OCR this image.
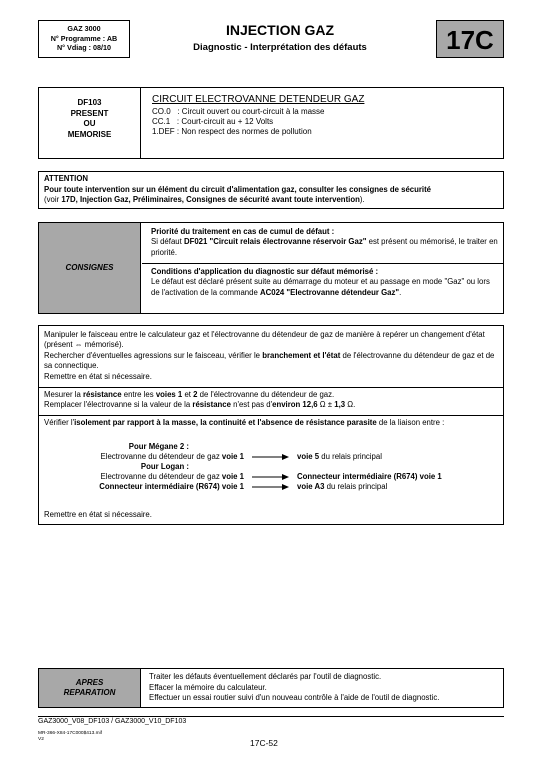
GAZ 3000
N° Programme : AB
N° Vdiag : 08/10
INJECTION GAZ
Diagnostic - Interprétation des défauts	17C
DF103
PRESENT
OU
MEMORISE
CIRCUIT ELECTROVANNE DETENDEUR GAZ
CO.0   : Circuit ouvert ou court-circuit à la masse
CC.1   : Court-circuit au + 12 Volts
1.DEF : Non respect des normes de pollution
ATTENTION
Pour toute intervention sur un élément du circuit d'alimentation gaz, consulter les consignes de sécurité
(voir 17D, Injection Gaz, Préliminaires, Consignes de sécurité avant toute intervention).
CONSIGNES
Priorité du traitement en cas de cumul de défaut :
Si défaut DF021 "Circuit relais électrovanne réservoir Gaz" est présent ou mémorisé, le traiter en priorité.
Conditions d'application du diagnostic sur défaut mémorisé :
Le défaut est déclaré présent suite au démarrage du moteur et au passage en mode "Gaz" ou lors de l'activation de la commande AC024 "Electrovanne détendeur Gaz".
Manipuler le faisceau entre le calculateur gaz et l'électrovanne du détendeur de gaz de manière à repérer un changement d'état (présent ⇔ mémorisé).
Rechercher d'éventuelles agressions sur le faisceau, vérifier le branchement et l'état de l'électrovanne du détendeur de gaz et de sa connectique.
Remettre en état si nécessaire.
Mesurer la résistance entre les voies 1 et 2 de l'électrovanne du détendeur de gaz.
Remplacer l'électrovanne si la valeur de la résistance n'est pas d'environ 12,6 Ω ± 1,3 Ω.
Vérifier l'isolement par rapport à la masse, la continuité et l'absence de résistance parasite de la liaison entre :
Pour Mégane 2 :
Electrovanne du détendeur de gaz voie 1	voie 5 du relais principal
Pour Logan :
Electrovanne du détendeur de gaz voie 1	Connecteur intermédiaire (R674) voie 1
Connecteur intermédiaire (R674) voie 1	voie A3 du relais principal
Remettre en état si nécessaire.
APRES
REPARATION
Traiter les défauts éventuellement déclarés par l'outil de diagnostic.
Effacer la mémoire du calculateur.
Effectuer un essai routier suivi d'un nouveau contrôle à l'aide de l'outil de diagnostic.
GAZ3000_V08_DF103 / GAZ3000_V10_DF103
MR-366-X84-17C000$413.mif
V2	17C-52
